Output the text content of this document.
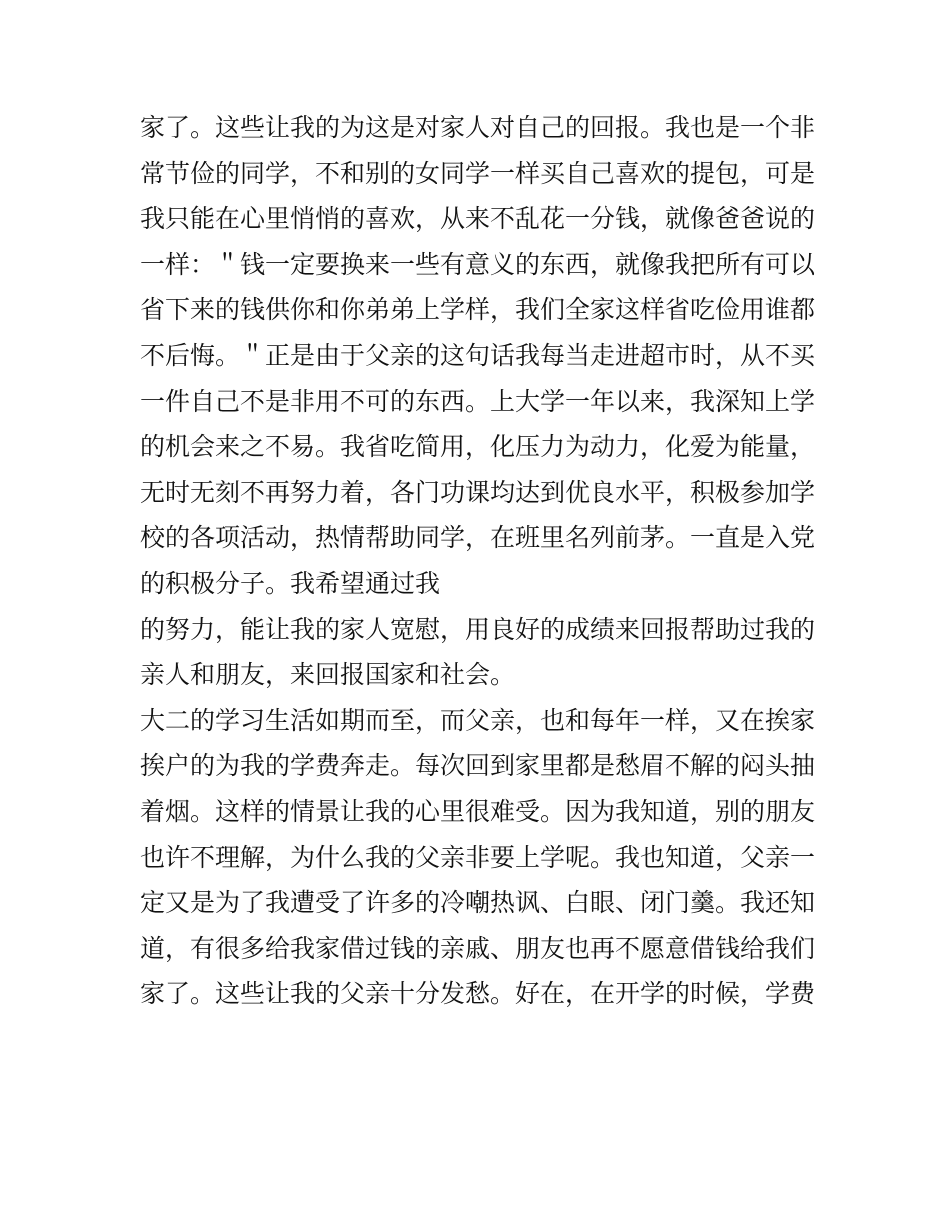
家了。这些让我的为这是对家人对自己的回报。我也是一个非
常节俭的同学，不和别的女同学一样买自己喜欢的提包，可是
我只能在心里悄悄的喜欢，从来不乱花一分钱，就像爸爸说的
一样：＂钱一定要换来一些有意义的东西，就像我把所有可以
省下来的钱供你和你弟弟上学样，我们全家这样省吃俭用谁都
不后悔。＂正是由于父亲的这句话我每当走进超市时，从不买
一件自己不是非用不可的东西。上大学一年以来，我深知上学
的机会来之不易。我省吃简用，化压力为动力，化爱为能量，
无时无刻不再努力着，各门功课均达到优良水平，积极参加学
校的各项活动，热情帮助同学，在班里名列前茅。一直是入党
的积极分子。我希望通过我
的努力，能让我的家人宽慰，用良好的成绩来回报帮助过我的
亲人和朋友，来回报国家和社会。
大二的学习生活如期而至，而父亲，也和每年一样，又在挨家
挨户的为我的学费奔走。每次回到家里都是愁眉不解的闷头抽
着烟。这样的情景让我的心里很难受。因为我知道，别的朋友
也许不理解，为什么我的父亲非要上学呢。我也知道，父亲一
定又是为了我遭受了许多的冷嘲热讽、白眼、闭门羹。我还知
道，有很多给我家借过钱的亲戚、朋友也再不愿意借钱给我们
家了。这些让我的父亲十分发愁。好在，在开学的时候，学费
